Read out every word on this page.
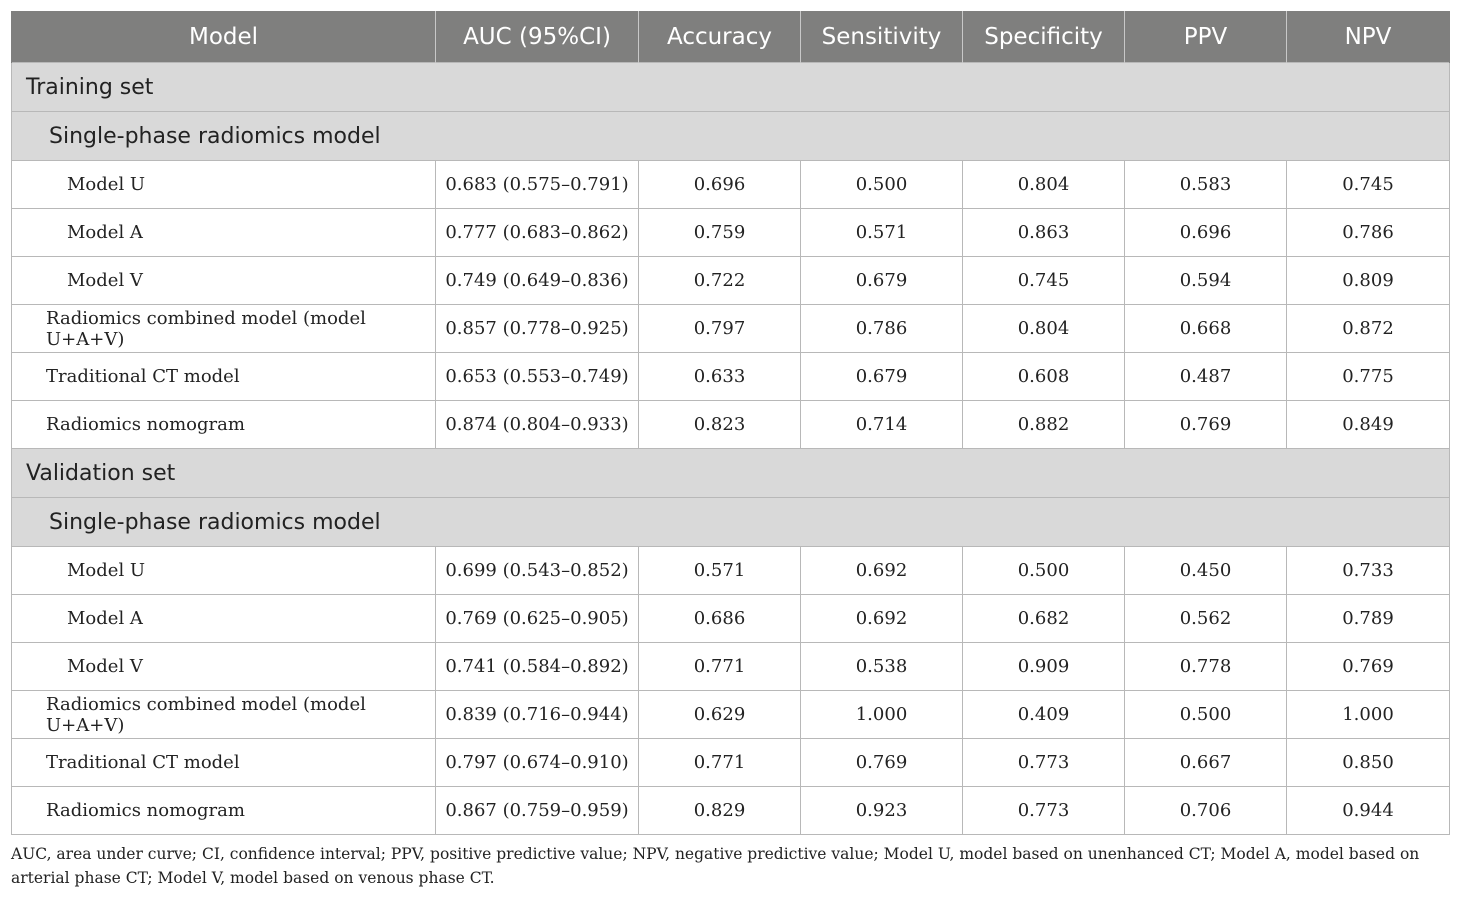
Model	AUC (95%CI)	Accuracy	Sensitivity	Specificity	PPV	NPV
Training set						
Single-phase radiomics model						
Model U	0.683 (0.575–0.791)	0.696	0.500	0.804	0.583	0.745
Model A	0.777 (0.683–0.862)	0.759	0.571	0.863	0.696	0.786
Model V	0.749 (0.649–0.836)	0.722	0.679	0.745	0.594	0.809
Radiomics combined model (model U+A+V)	0.857 (0.778–0.925)	0.797	0.786	0.804	0.668	0.872
Traditional CT model	0.653 (0.553–0.749)	0.633	0.679	0.608	0.487	0.775
Radiomics nomogram	0.874 (0.804–0.933)	0.823	0.714	0.882	0.769	0.849
Validation set						
Single-phase radiomics model						
Model U	0.699 (0.543–0.852)	0.571	0.692	0.500	0.450	0.733
Model A	0.769 (0.625–0.905)	0.686	0.692	0.682	0.562	0.789
Model V	0.741 (0.584–0.892)	0.771	0.538	0.909	0.778	0.769
Radiomics combined model (model U+A+V)	0.839 (0.716–0.944)	0.629	1.000	0.409	0.500	1.000
Traditional CT model	0.797 (0.674–0.910)	0.771	0.769	0.773	0.667	0.850
Radiomics nomogram	0.867 (0.759–0.959)	0.829	0.923	0.773	0.706	0.944
AUC, area under curve; CI, confidence interval; PPV, positive predictive value; NPV, negative predictive value; Model U, model based on unenhanced CT; Model A, model based on arterial phase CT; Model V, model based on venous phase CT.
